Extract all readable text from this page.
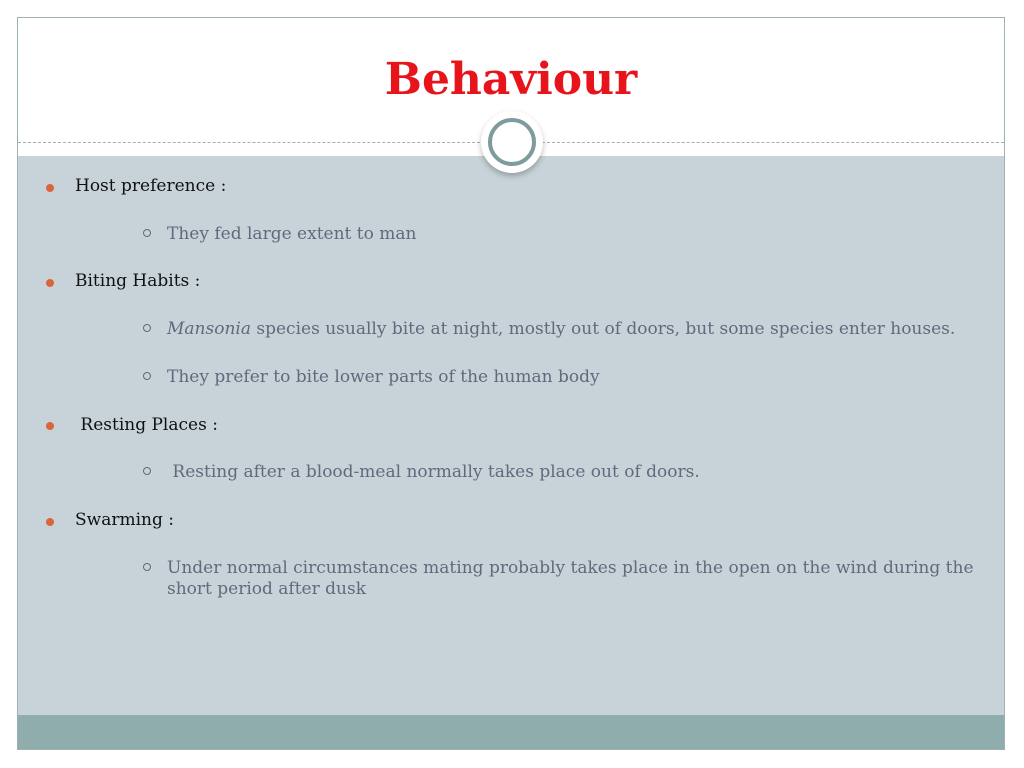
Behaviour
Host preference :
They fed large extent to man
Biting Habits :
Mansonia species usually bite at night, mostly out of doors, but some species enter houses.
They prefer to bite lower parts of the human body
Resting Places :
Resting after a blood-meal normally takes place out of doors.
Swarming :
Under normal circumstances mating probably takes place in the open on the wind during the short period after dusk
